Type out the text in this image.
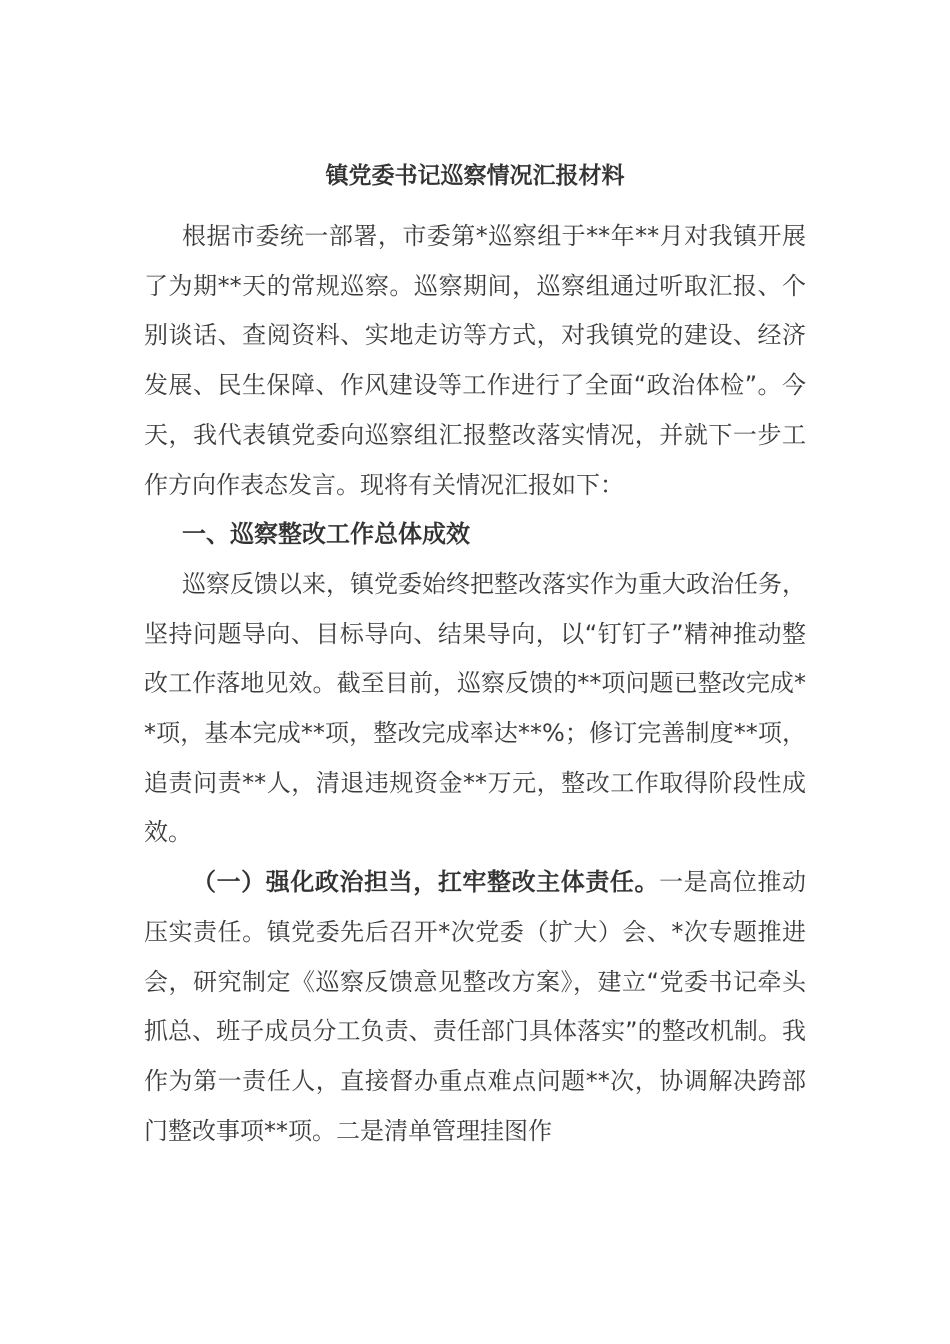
镇党委书记巡察情况汇报材料

根据市委统一部署，市委第*巡察组于**年**月对我镇开展了为期**天的常规巡察。巡察期间，巡察组通过听取汇报、个别谈话、查阅资料、实地走访等方式，对我镇党的建设、经济发展、民生保障、作风建设等工作进行了全面“政治体检”。今天，我代表镇党委向巡察组汇报整改落实情况，并就下一步工作方向作表态发言。现将有关情况汇报如下：

一、巡察整改工作总体成效

巡察反馈以来，镇党委始终把整改落实作为重大政治任务，坚持问题导向、目标导向、结果导向，以“钉钉子”精神推动整改工作落地见效。截至目前，巡察反馈的**项问题已整改完成**项，基本完成**项，整改完成率达**%；修订完善制度**项，追责问责**人，清退违规资金**万元，整改工作取得阶段性成效。

（一）强化政治担当，扛牢整改主体责任。一是高位推动压实责任。镇党委先后召开*次党委（扩大）会、*次专题推进会，研究制定《巡察反馈意见整改方案》，建立“党委书记牵头抓总、班子成员分工负责、责任部门具体落实”的整改机制。我作为第一责任人，直接督办重点难点问题**次，协调解决跨部门整改事项**项。二是清单管理挂图作
